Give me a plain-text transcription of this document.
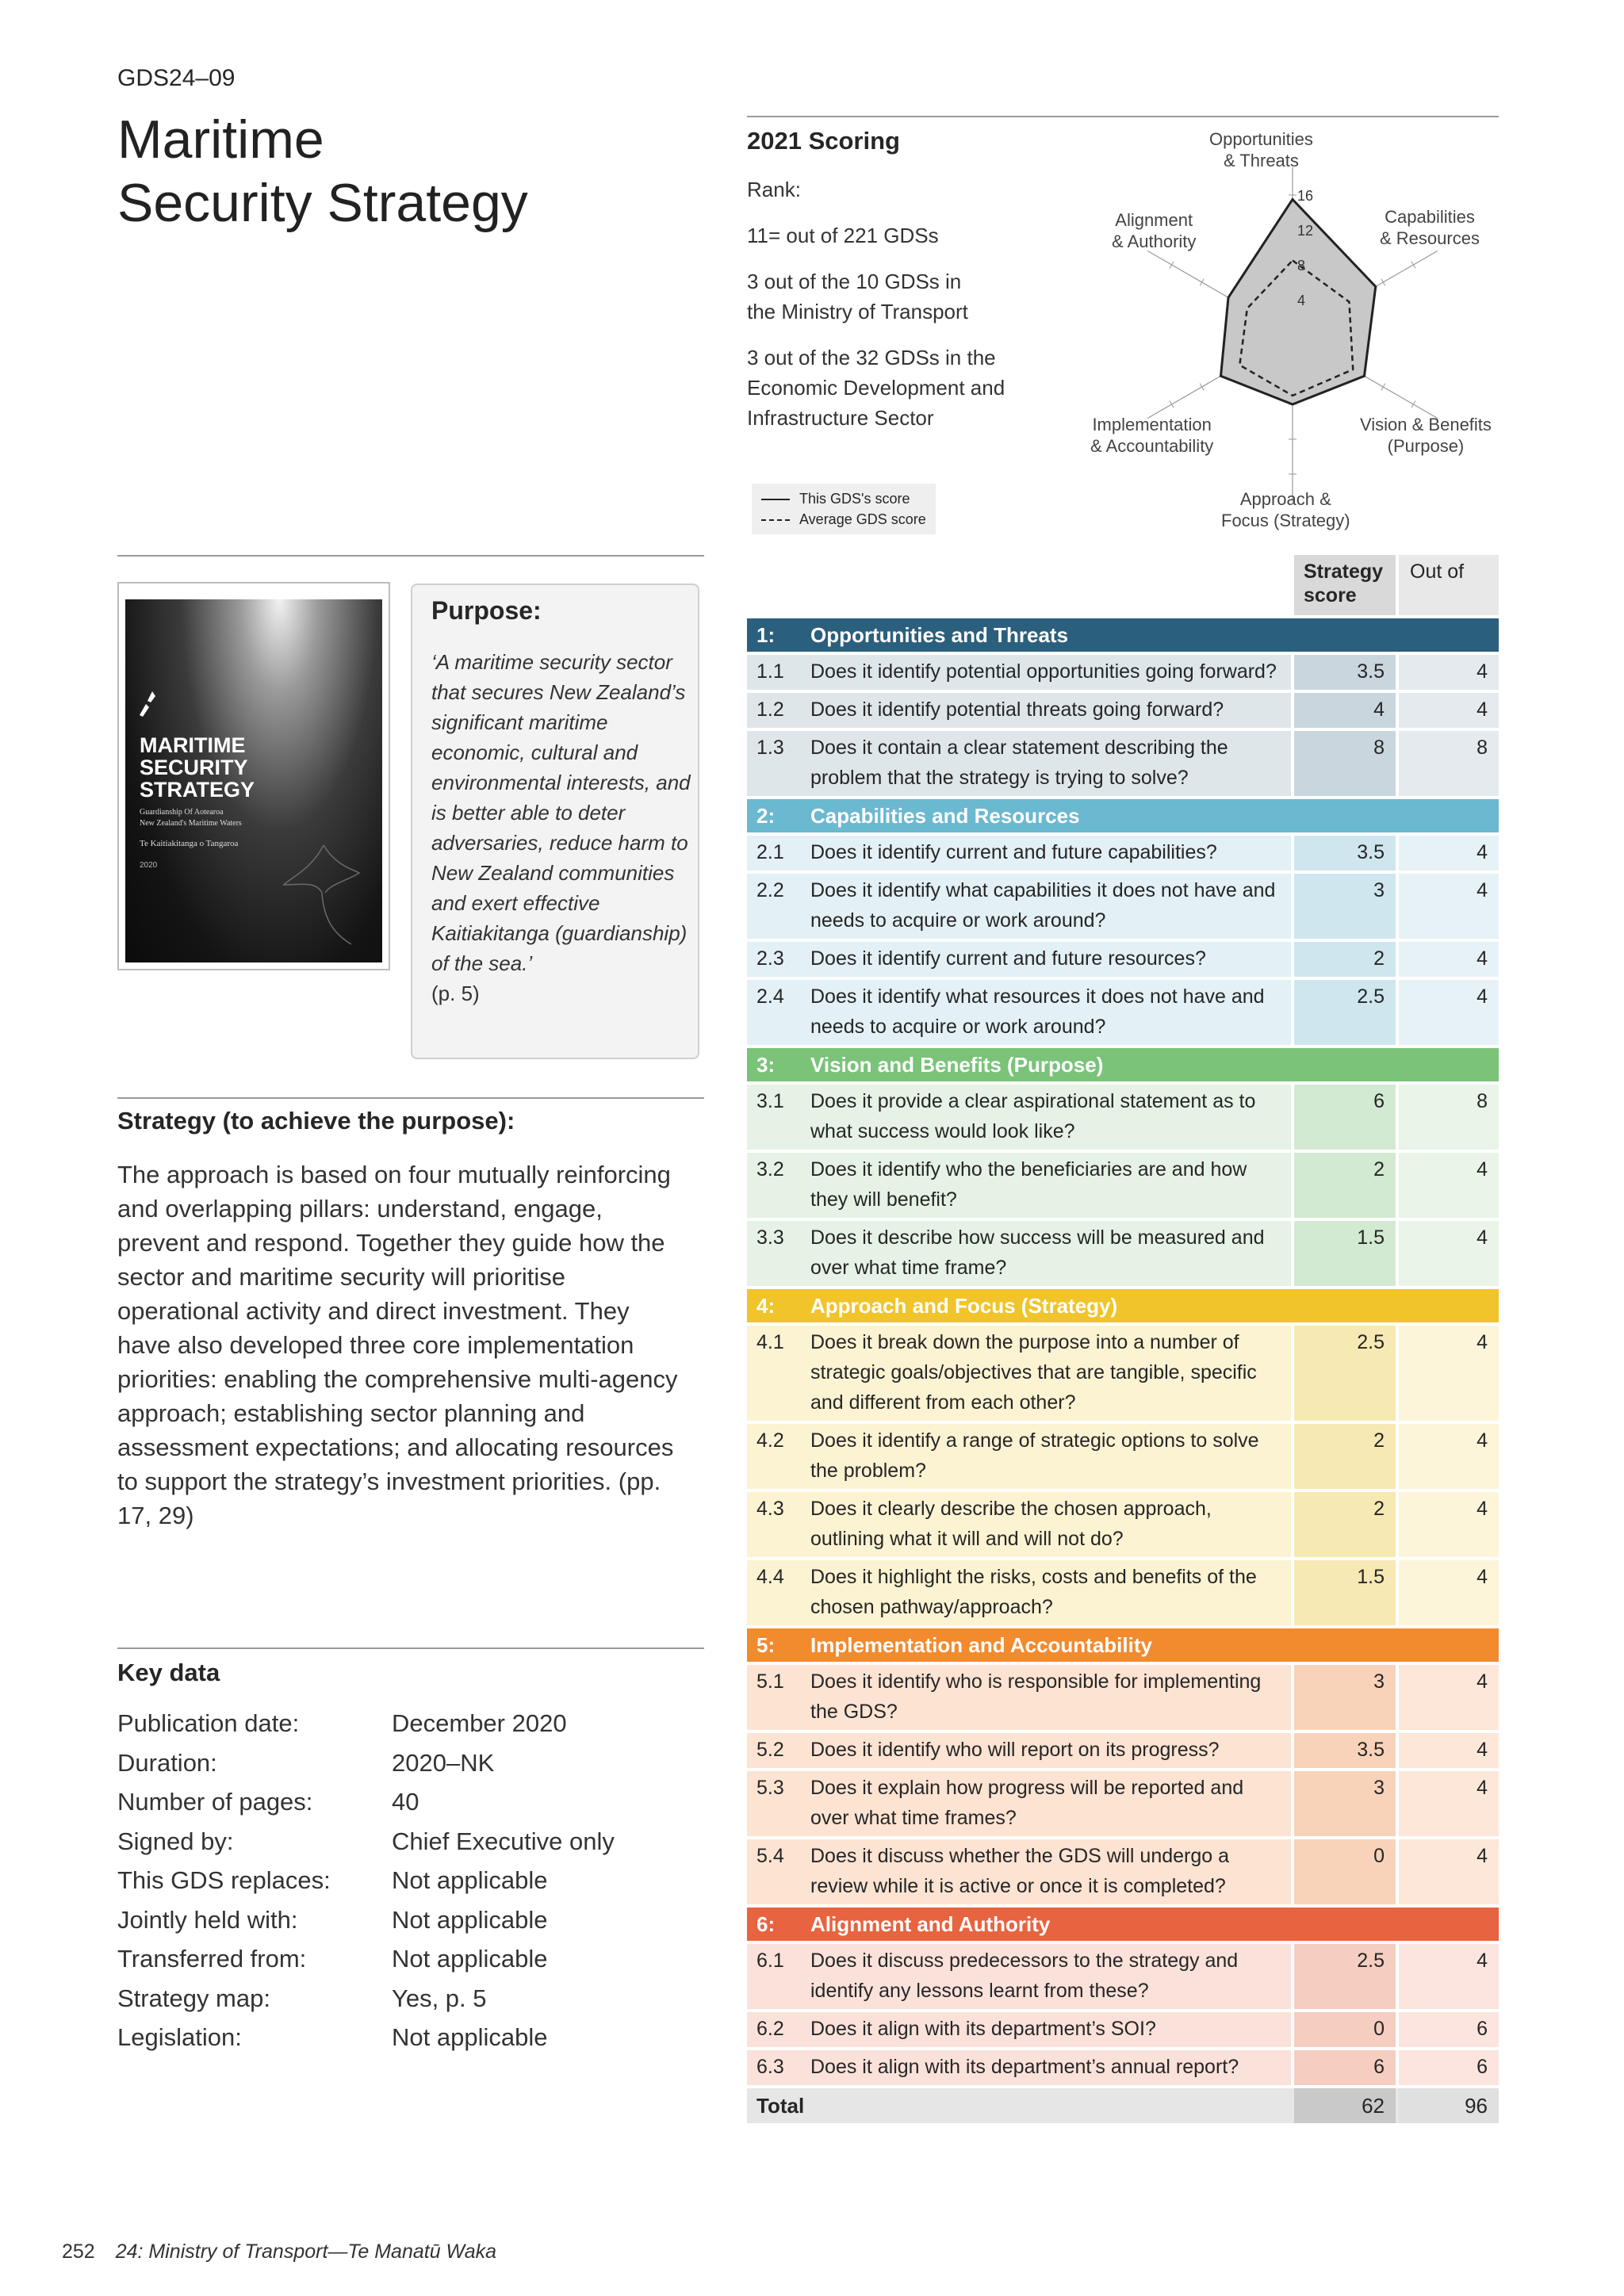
GDS24–09
Maritime
Security Strategy
2021 Scoring
Rank:
11= out of 221 GDSs
3 out of the 10 GDSs in
the Ministry of Transport
3 out of the 32 GDSs in the
Economic Development and
Infrastructure Sector
This GDS's score
Average GDS score
4
8
12
16
Opportunities
& Threats
Capabilities
& Resources
Vision & Benefits
(Purpose)
Approach &
Focus (Strategy)
Implementation
& Accountability
Alignment
& Authority
MARITIME
SECURITY
STRATEGY
Guardianship Of Aotearoa
New Zealand's Maritime Waters
Te Kaitiakitanga o Tangaroa
2020
Purpose:
‘A maritime security sector that secures New Zealand’s significant maritime economic, cultural and environmental interests, and is better able to deter adversaries, reduce harm to New Zealand communities and exert effective Kaitiakitanga (guardianship) of the sea.’
(p. 5)
Strategy (to achieve the purpose):
The approach is based on four mutually reinforcing and overlapping pillars: understand, engage, prevent and respond. Together they guide how the sector and maritime security will prioritise operational activity and direct investment. They have also developed three core implementation priorities: enabling the comprehensive multi-agency approach; establishing sector planning and assessment expectations; and allocating resources to support the strategy’s investment priorities. (pp. 17, 29)
Key data
Publication date:	December 2020
Duration:	2020–NK
Number of pages:	40
Signed by:	Chief Executive only
This GDS replaces: Not applicable
Jointly held with:	Not applicable
Transferred from:	Not applicable
Strategy map:	Yes, p. 5
Legislation:	Not applicable
Strategy
score
Out of
1: Opportunities and Threats
1.1 Does it identify potential opportunities going forward?	3.5	4
1.2 Does it identify potential threats going forward?	4	4
1.3 Does it contain a clear statement describing the problem that the strategy is trying to solve?
8	8
2: Capabilities and Resources
2.1 Does it identify current and future capabilities?	3.5	4
2.2 Does it identify what capabilities it does not have and needs to acquire or work around?
3	4
2.3 Does it identify current and future resources?	2	4
2.4 Does it identify what resources it does not have and needs to acquire or work around?
2.5	4
3: Vision and Benefits (Purpose)
3.1 Does it provide a clear aspirational statement as to what success would look like?
6	8
3.2 Does it identify who the beneficiaries are and how they will benefit?
2	4
3.3 Does it describe how success will be measured and over what time frame?
1.5	4
4: Approach and Focus (Strategy)
4.1 Does it break down the purpose into a number of strategic goals/objectives that are tangible, specific and different from each other?
2.5	4
4.2 Does it identify a range of strategic options to solve the problem?
2	4
4.3 Does it clearly describe the chosen approach, outlining what it will and will not do?
2	4
4.4 Does it highlight the risks, costs and benefits of the chosen pathway/approach?
1.5	4
5: Implementation and Accountability
5.1 Does it identify who is responsible for implementing the GDS?
3	4
5.2 Does it identify who will report on its progress?	3.5	4
5.3 Does it explain how progress will be reported and over what time frames?
3	4
5.4 Does it discuss whether the GDS will undergo a review while it is active or once it is completed?
0	4
6: Alignment and Authority
6.1 Does it discuss predecessors to the strategy and identify any lessons learnt from these?
2.5	4
6.2 Does it align with its department’s SOI?	0	6
6.3 Does it align with its department’s annual report?	6	6
Total	62	96
252 24: Ministry of Transport—Te Manatū Waka
